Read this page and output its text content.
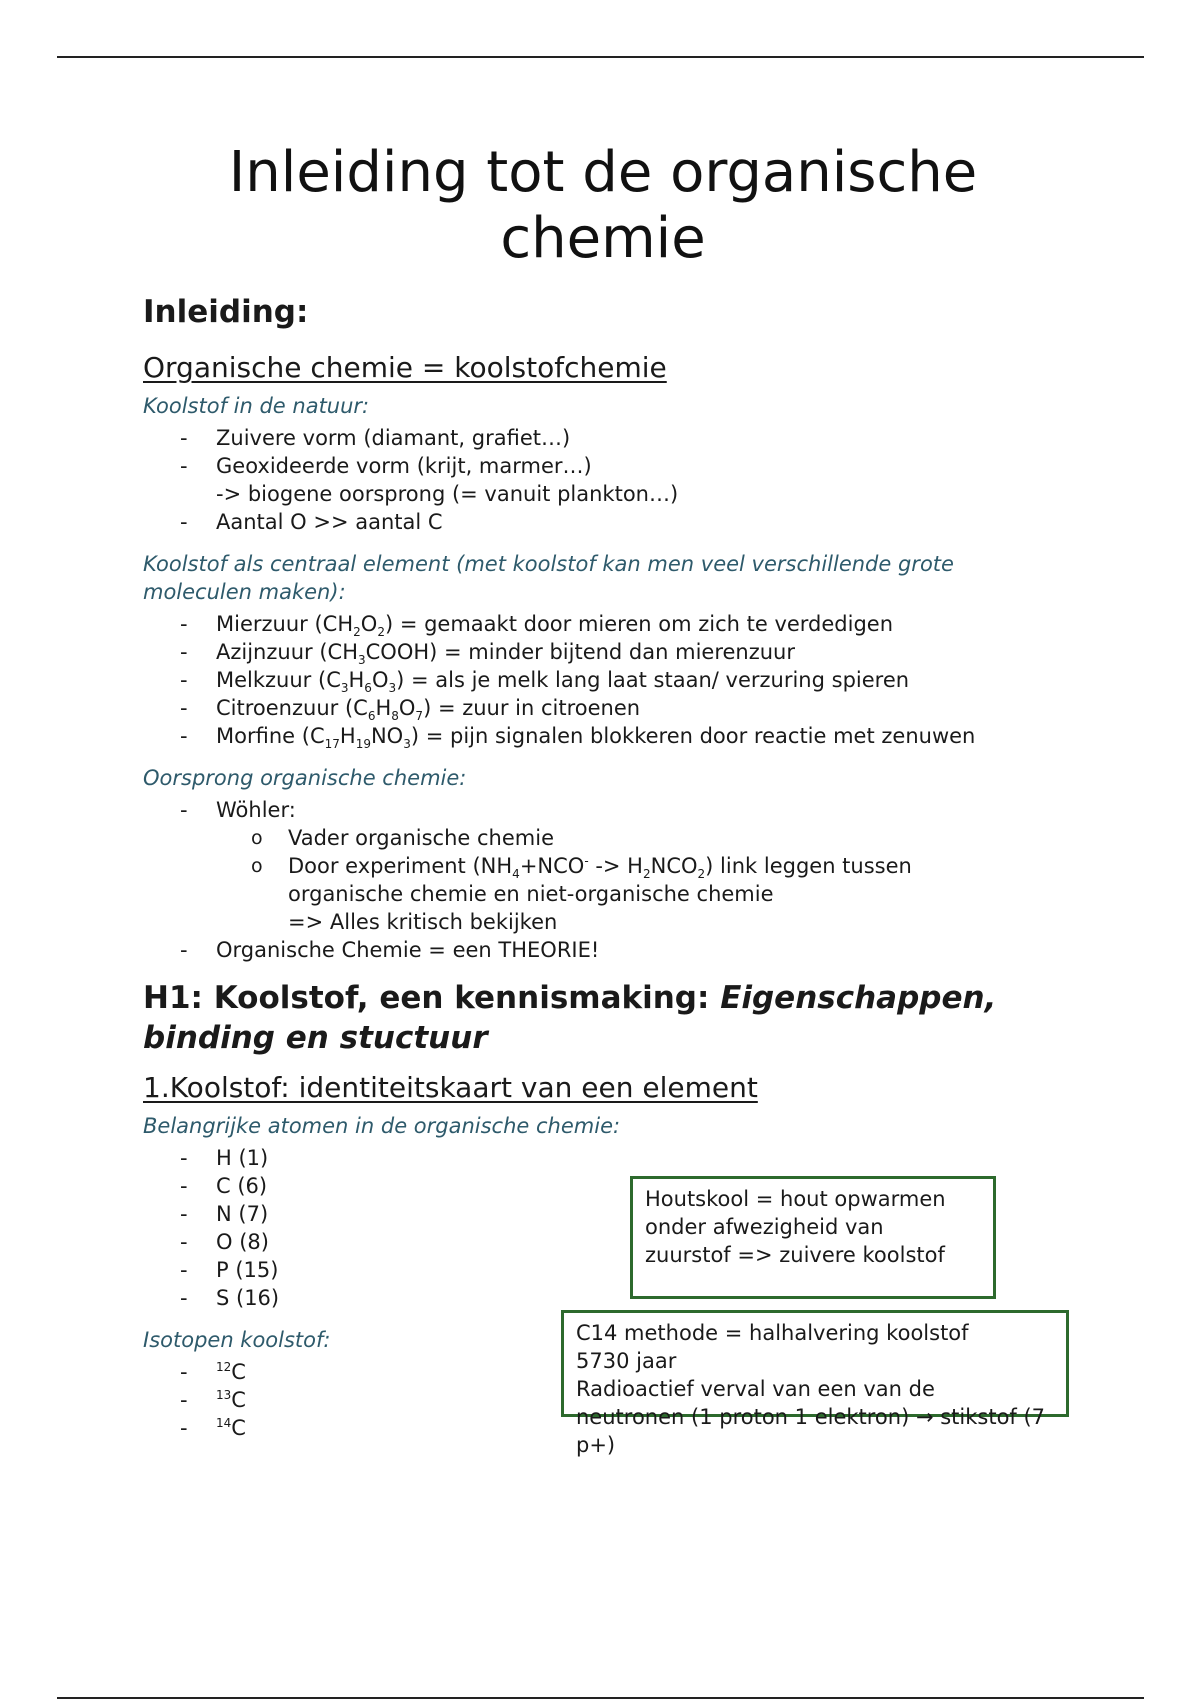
Inleiding tot de organische chemie
Inleiding:
Organische chemie = koolstofchemie
Koolstof in de natuur:
- Zuivere vorm (diamant, grafiet…)
- Geoxideerde vorm (krijt, marmer…)
-> biogene oorsprong (= vanuit plankton…)
- Aantal O >> aantal C
Koolstof als centraal element (met koolstof kan men veel verschillende grote moleculen maken):
- Mierzuur $(CH_2O_2)$ = gemaakt door mieren om zich te verdedigen
- Azijnzuur $(CH_3COOH)$ = minder bijtend dan mierenzuur
- Melkzuur $(C_3H_6O_3)$ = als je melk lang laat staan/ verzuring spieren
- Citroenzuur $(C_6H_8O_7)$ = zuur in citroenen
- Morfine $(C_{17}H_{19}NO_3)$ = pijn signalen blokkeren door reactie met zenuwen
Oorsprong organische chemie:
- Wöhler:
o Vader organische chemie
o Door experiment $(NH_4+NCO^- -> H_2NCO_2)$ link leggen tussen
organische chemie en niet-organische chemie
=> Alles kritisch bekijken
- Organische Chemie = een THEORIE!
H1: Koolstof, een kennismaking: Eigenschappen, binding en stuctuur
1.Koolstof: identiteitskaart van een element
Belangrijke atomen in de organische chemie:
- H (1)
- C (6)
- N (7)
- O (8)
- P (15)
- S (16)
Isotopen koolstof:
- $^{12}$C
- $^{13}$C
- $^{14}$C
Houtskool = hout opwarmen
onder afwezigheid van
zuurstof => zuivere koolstof
C14 methode = halhalvering koolstof
5730 jaar
Radioactief verval van een van de
neutronen (1 proton 1 elektron) → stikstof (7 p+)
